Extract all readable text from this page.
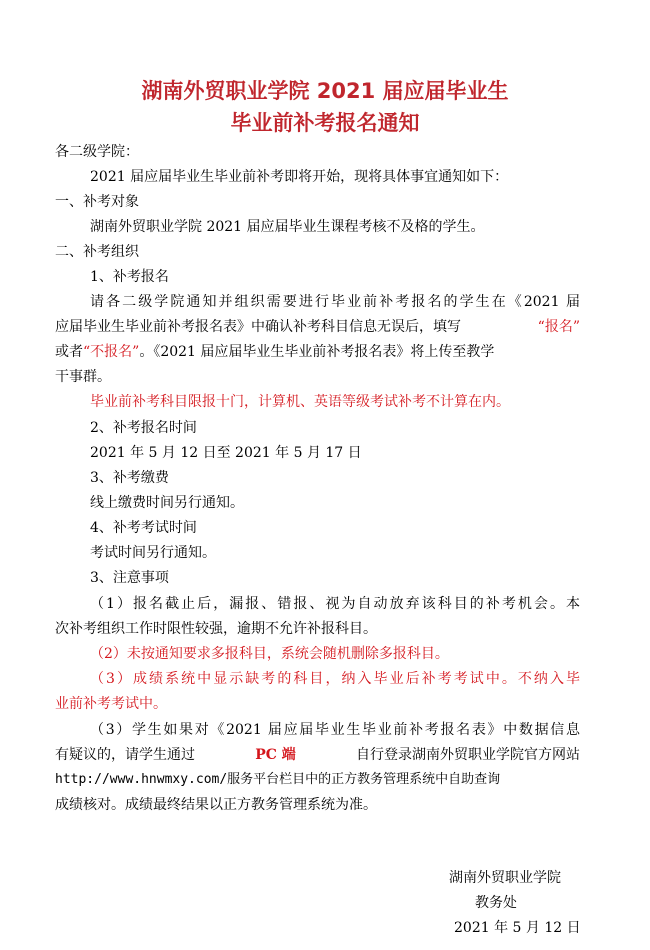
湖南外贸职业学院 2021 届应届毕业生
毕业前补考报名通知
各二级学院：
2021 届应届毕业生毕业前补考即将开始，现将具体事宜通知如下：
一、补考对象
湖南外贸职业学院 2021 届应届毕业生课程考核不及格的学生。
二、补考组织
1、补考报名
请各二级学院通知并组织需要进行毕业前补考报名的学生在《2021 届
应届毕业生毕业前补考报名表》中确认补考科目信息无误后，填写	“报名”
或者“不报名”。《2021 届应届毕业生毕业前补考报名表》将上传至教学
干事群。
毕业前补考科目限报十门，计算机、英语等级考试补考不计算在内。
2、补考报名时间
2021 年 5 月 12 日至 2021 年 5 月 17 日
3、补考缴费
线上缴费时间另行通知。
4、补考考试时间
考试时间另行通知。
3、注意事项
（1）报名截止后，漏报、错报、视为自动放弃该科目的补考机会。本
次补考组织工作时限性较强，逾期不允许补报科目。
（2）未按通知要求多报科目，系统会随机删除多报科目。
（3）成绩系统中显示缺考的科目，纳入毕业后补考考试中。不纳入毕
业前补考考试中。
（3）学生如果对《2021 届应届毕业生毕业前补考报名表》中数据信息
有疑议的，请学生通过	PC 端	自行登录湖南外贸职业学院官方网站
http://www.hnwmxy.com/服务平台栏目中的正方教务管理系统中自助查询
成绩核对。成绩最终结果以正方教务管理系统为准。
湖南外贸职业学院
教务处
2021 年 5 月 12 日
